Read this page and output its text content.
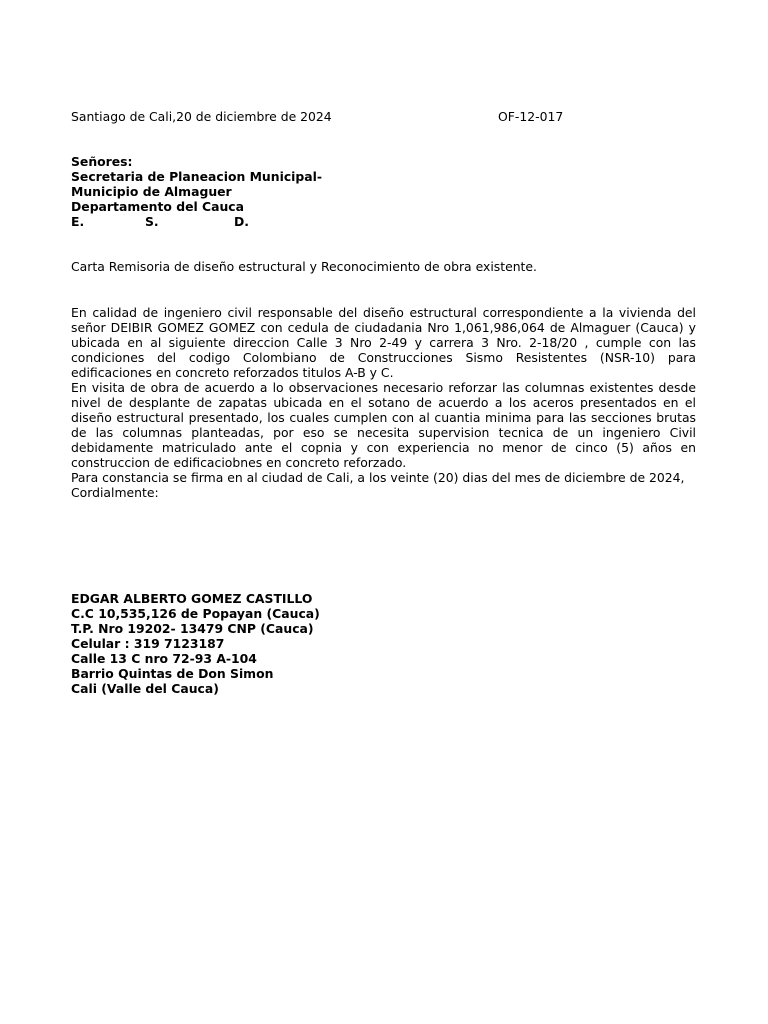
Santiago de Cali,20 de diciembre de 2024	OF-12-017
Señores:
Secretaria de Planeacion Municipal-
Municipio de Almaguer
Departamento del Cauca
E.	S.	D.
Carta Remisoria de diseño estructural y Reconocimiento de obra existente.

En calidad de ingeniero civil responsable del diseño estructural correspondiente a la vivienda del señor DEIBIR GOMEZ GOMEZ con cedula de ciudadania Nro 1,061,986,064 de Almaguer (Cauca) y ubicada en al siguiente direccion Calle 3 Nro 2-49 y carrera 3 Nro. 2-18/20 , cumple con las condiciones del codigo Colombiano de Construcciones Sismo Resistentes (NSR-10) para edificaciones en concreto reforzados titulos A-B y C.

En visita de obra de acuerdo a lo observaciones necesario reforzar las columnas existentes desde nivel de desplante de zapatas ubicada en el sotano de acuerdo a los aceros presentados en el diseño estructural presentado, los cuales cumplen con al cuantia minima para las secciones brutas de las columnas planteadas, por eso se necesita supervision tecnica de un ingeniero Civil debidamente matriculado ante el copnia y con experiencia no menor de cinco (5) años en construccion de edificaciobnes en concreto reforzado.

Para constancia se firma en al ciudad de Cali, a los veinte (20) dias del mes de diciembre de 2024,

Cordialmente:

EDGAR ALBERTO GOMEZ CASTILLO
C.C 10,535,126 de Popayan (Cauca)
T.P. Nro 19202- 13479 CNP (Cauca)
Celular : 319 7123187
Calle 13 C nro 72-93 A-104
Barrio Quintas de Don Simon
Cali (Valle del Cauca)
